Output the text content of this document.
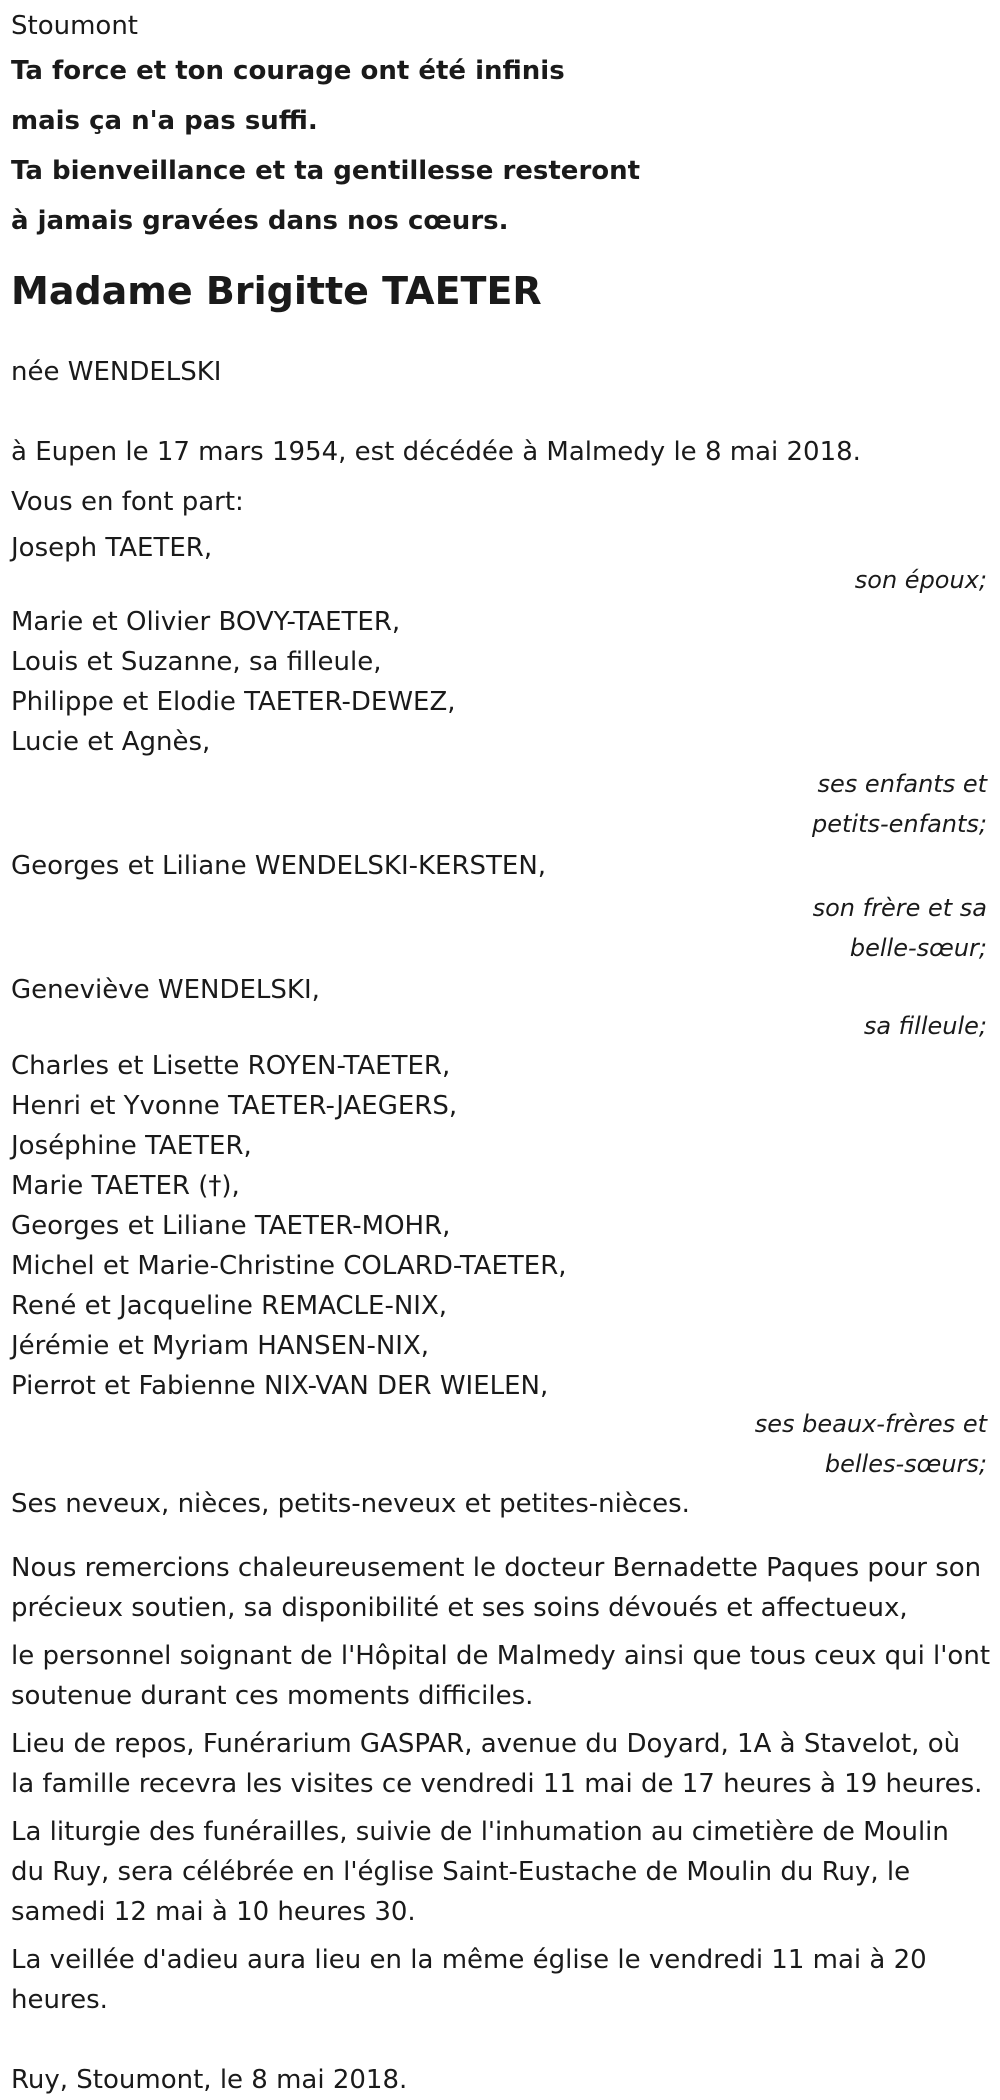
Stoumont
Ta force et ton courage ont été infinis
mais ça n'a pas suffi.
Ta bienveillance et ta gentillesse resteront
à jamais gravées dans nos cœurs.
Madame Brigitte TAETER
née WENDELSKI
à Eupen le 17 mars 1954, est décédée à Malmedy le 8 mai 2018.
Vous en font part:
Joseph TAETER,
son époux;
Marie et Olivier BOVY-TAETER,
Louis et Suzanne, sa filleule,
Philippe et Elodie TAETER-DEWEZ,
Lucie et Agnès,
ses enfants et
petits-enfants;
Georges et Liliane WENDELSKI-KERSTEN,
son frère et sa
belle-sœur;
Geneviève WENDELSKI,
sa filleule;
Charles et Lisette ROYEN-TAETER,
Henri et Yvonne TAETER-JAEGERS,
Joséphine TAETER,
Marie TAETER (†),
Georges et Liliane TAETER-MOHR,
Michel et Marie-Christine COLARD-TAETER,
René et Jacqueline REMACLE-NIX,
Jérémie et Myriam HANSEN-NIX,
Pierrot et Fabienne NIX-VAN DER WIELEN,
ses beaux-frères et
belles-sœurs;
Ses neveux, nièces, petits-neveux et petites-nièces.
Nous remercions chaleureusement le docteur Bernadette Paques pour son précieux soutien, sa disponibilité et ses soins dévoués et affectueux,
le personnel soignant de l'Hôpital de Malmedy ainsi que tous ceux qui l'ont soutenue durant ces moments difficiles.
Lieu de repos, Funérarium GASPAR, avenue du Doyard, 1A à Stavelot, où la famille recevra les visites ce vendredi 11 mai de 17 heures à 19 heures.
La liturgie des funérailles, suivie de l'inhumation au cimetière de Moulin du Ruy, sera célébrée en l'église Saint-Eustache de Moulin du Ruy, le samedi 12 mai à 10 heures 30.
La veillée d'adieu aura lieu en la même église le vendredi 11 mai à 20 heures.
Ruy, Stoumont, le 8 mai 2018.
